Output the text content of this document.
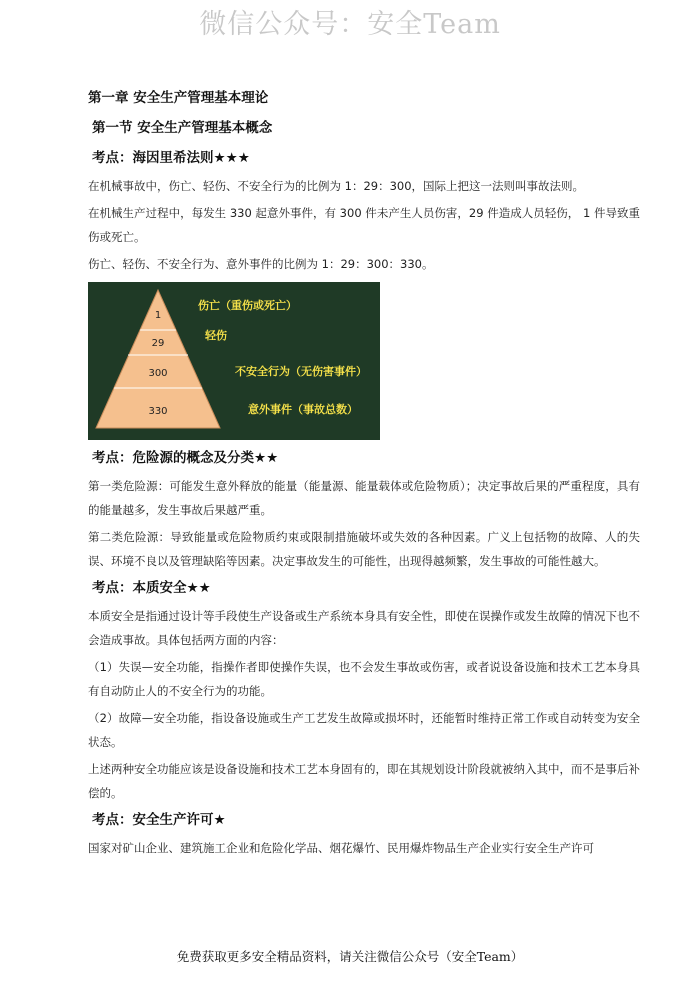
微信公众号：安全Team
第一章 安全生产管理基本理论
第一节 安全生产管理基本概念
考点：海因里希法则★★★

在机械事故中，伤亡、轻伤、不安全行为的比例为 1：29：300，国际上把这一法则叫事故法则。

在机械生产过程中，每发生 330 起意外事件，有 300 件未产生人员伤害，29 件造成人员轻伤， 1 件导致重伤或死亡。

伤亡、轻伤、不安全行为、意外事件的比例为 1：29：300：330。

1
29
300
330
伤亡（重伤或死亡）
轻伤
不安全行为（无伤害事件）
意外事件（事故总数）
考点：危险源的概念及分类★★

第一类危险源：可能发生意外释放的能量（能量源、能量载体或危险物质）；决定事故后果的严重程度，具有的能量越多，发生事故后果越严重。

第二类危险源：导致能量或危险物质约束或限制措施破坏或失效的各种因素。广义上包括物的故障、人的失误、环境不良以及管理缺陷等因素。决定事故发生的可能性，出现得越频繁，发生事故的可能性越大。

考点：本质安全★★

本质安全是指通过设计等手段使生产设备或生产系统本身具有安全性，即使在误操作或发生故障的情况下也不会造成事故。具体包括两方面的内容：

（1）失误—安全功能，指操作者即使操作失误，也不会发生事故或伤害，或者说设备设施和技术工艺本身具有自动防止人的不安全行为的功能。

（2）故障—安全功能，指设备设施或生产工艺发生故障或损坏时，还能暂时维持正常工作或自动转变为安全状态。

上述两种安全功能应该是设备设施和技术工艺本身固有的，即在其规划设计阶段就被纳入其中，而不是事后补偿的。

考点：安全生产许可★

国家对矿山企业、建筑施工企业和危险化学品、烟花爆竹、民用爆炸物品生产企业实行安全生产许可

免费获取更多安全精品资料，请关注微信公众号（安全Team）
